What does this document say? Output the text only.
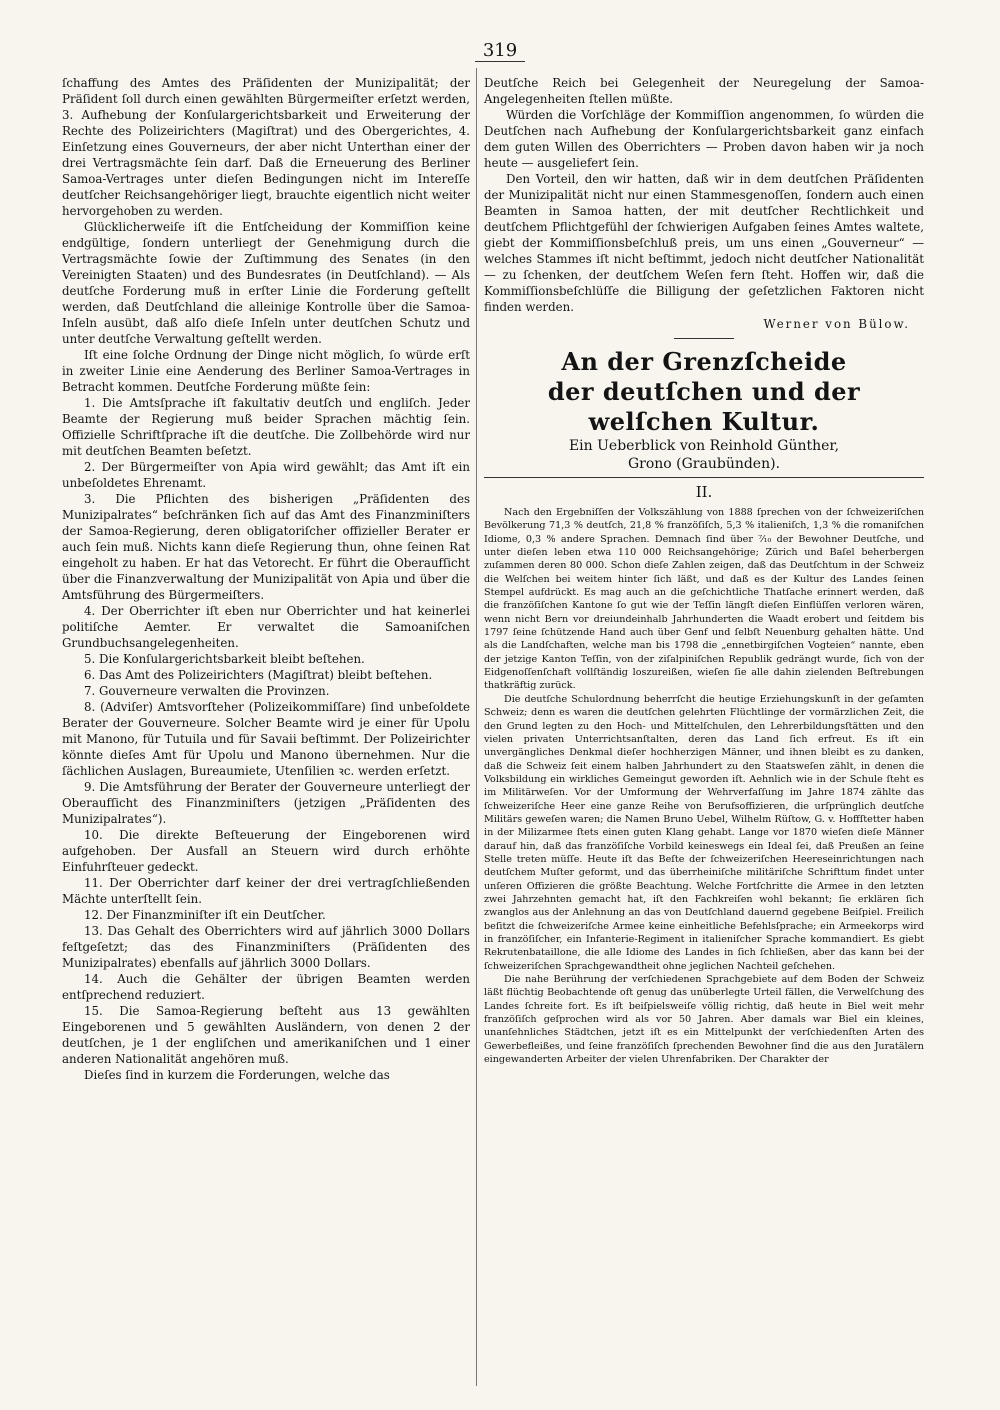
319

ſchaffung des Amtes des Präſidenten der Munizipalität; der Präſident ſoll durch einen gewählten Bürgermeiſter erſetzt werden, 3. Aufhebung der Konſulargerichtsbarkeit und Erweiterung der Rechte des Polizeirichters (Magiſtrat) und des Obergerichtes, 4. Einſetzung eines Gouverneurs, der aber nicht Unterthan einer der drei Vertragsmächte ſein darf. Daß die Erneuerung des Berliner Samoa-Vertrages unter dieſen Bedingungen nicht im Intereſſe deutſcher Reichsangehöriger liegt, brauchte eigentlich nicht weiter hervorgehoben zu werden.

Glücklicherweiſe iſt die Entſcheidung der Kommiſſion keine endgültige, ſondern unterliegt der Genehmigung durch die Vertragsmächte ſowie der Zuſtimmung des Senates (in den Vereinigten Staaten) und des Bundesrates (in Deutſchland). — Als deutſche Forderung muß in erſter Linie die Forderung geſtellt werden, daß Deutſchland die alleinige Kontrolle über die Samoa-Inſeln ausübt, daß alſo dieſe Inſeln unter deutſchen Schutz und unter deutſche Verwaltung geſtellt werden.

Iſt eine ſolche Ordnung der Dinge nicht möglich, ſo würde erſt in zweiter Linie eine Aenderung des Berliner Samoa-Vertrages in Betracht kommen. Deutſche Forderung müßte ſein:

1. Die Amtsſprache iſt fakultativ deutſch und engliſch. Jeder Beamte der Regierung muß beider Sprachen mächtig ſein. Offizielle Schriftſprache iſt die deutſche. Die Zollbehörde wird nur mit deutſchen Beamten beſetzt.

2. Der Bürgermeiſter von Apia wird gewählt; das Amt iſt ein unbeſoldetes Ehrenamt.

3. Die Pflichten des bisherigen „Präſidenten des Munizipalrates“ beſchränken ſich auf das Amt des Finanzminiſters der Samoa-Regierung, deren obligatoriſcher offizieller Berater er auch ſein muß. Nichts kann dieſe Regierung thun, ohne ſeinen Rat eingeholt zu haben. Er hat das Vetorecht. Er führt die Oberaufſicht über die Finanzverwaltung der Munizipalität von Apia und über die Amtsführung des Bürgermeiſters.

4. Der Oberrichter iſt eben nur Oberrichter und hat keinerlei politiſche Aemter. Er verwaltet die Samoaniſchen Grundbuchsangelegenheiten.

5. Die Konſulargerichtsbarkeit bleibt beſtehen.

6. Das Amt des Polizeirichters (Magiſtrat) bleibt beſtehen.

7. Gouverneure verwalten die Provinzen.

8. (Adviſer) Amtsvorſteher (Polizeikommiſſare) ſind unbeſoldete Berater der Gouverneure. Solcher Beamte wird je einer für Upolu mit Manono, für Tutuila und für Savaii beſtimmt. Der Polizeirichter könnte dieſes Amt für Upolu und Manono übernehmen. Nur die ſächlichen Auslagen, Bureaumiete, Utenſilien ꝛc. werden erſetzt.

9. Die Amtsführung der Berater der Gouverneure unterliegt der Oberaufſicht des Finanzminiſters (jetzigen „Präſidenten des Munizipalrates“).

10. Die direkte Beſteuerung der Eingeborenen wird aufgehoben. Der Ausfall an Steuern wird durch erhöhte Einfuhrſteuer gedeckt.

11. Der Oberrichter darf keiner der drei vertragſchließenden Mächte unterſtellt ſein.

12. Der Finanzminiſter iſt ein Deutſcher.

13. Das Gehalt des Oberrichters wird auf jährlich 3000 Dollars feſtgeſetzt; das des Finanzminiſters (Präſidenten des Munizipalrates) ebenfalls auf jährlich 3000 Dollars.

14. Auch die Gehälter der übrigen Beamten werden entſprechend reduziert.

15. Die Samoa-Regierung beſteht aus 13 gewählten Eingeborenen und 5 gewählten Ausländern, von denen 2 der deutſchen, je 1 der engliſchen und amerikaniſchen und 1 einer anderen Nationalität angehören muß.

Dieſes ſind in kurzem die Forderungen, welche das

Deutſche Reich bei Gelegenheit der Neuregelung der Samoa-Angelegenheiten ſtellen müßte.

Würden die Vorſchläge der Kommiſſion angenommen, ſo würden die Deutſchen nach Aufhebung der Konſulargerichtsbarkeit ganz einfach dem guten Willen des Oberrichters — Proben davon haben wir ja noch heute — ausgeliefert ſein.

Den Vorteil, den wir hatten, daß wir in dem deutſchen Präſidenten der Munizipalität nicht nur einen Stammesgenoſſen, ſondern auch einen Beamten in Samoa hatten, der mit deutſcher Rechtlichkeit und deutſchem Pflichtgefühl der ſchwierigen Aufgaben ſeines Amtes waltete, giebt der Kommiſſionsbeſchluß preis, um uns einen „Gouverneur“ — welches Stammes iſt nicht beſtimmt, jedoch nicht deutſcher Nationalität — zu ſchenken, der deutſchem Weſen fern ſteht. Hoffen wir, daß die Kommiſſionsbeſchlüſſe die Billigung der geſetzlichen Faktoren nicht finden werden.

Werner von Bülow.
An der Grenzſcheide
der deutſchen und der welſchen Kultur.
Ein Ueberblick von Reinhold Günther,
Grono (Graubünden).
II.

Nach den Ergebniſſen der Volkszählung von 1888 ſprechen von der ſchweizeriſchen Bevölkerung 71,3 % deutſch, 21,8 % franzöſiſch, 5,3 % italieniſch, 1,3 % die romaniſchen Idiome, 0,3 % andere Sprachen. Demnach ſind über ⁷⁄₁₀ der Bewohner Deutſche, und unter dieſen leben etwa 110 000 Reichsangehörige; Zürich und Baſel beherbergen zuſammen deren 80 000. Schon dieſe Zahlen zeigen, daß das Deutſchtum in der Schweiz die Welſchen bei weitem hinter ſich läßt, und daß es der Kultur des Landes ſeinen Stempel aufdrückt. Es mag auch an die geſchichtliche Thatſache erinnert werden, daß die franzöſiſchen Kantone ſo gut wie der Teſſin längſt dieſen Einflüſſen verloren wären, wenn nicht Bern vor dreiundeinhalb Jahrhunderten die Waadt erobert und ſeitdem bis 1797 ſeine ſchützende Hand auch über Genf und ſelbſt Neuenburg gehalten hätte. Und als die Landſchaften, welche man bis 1798 die „ennetbirgiſchen Vogteien“ nannte, eben der jetzige Kanton Teſſin, von der ziſalpiniſchen Republik gedrängt wurde, ſich von der Eidgenoſſenſchaft vollſtändig loszureißen, wieſen ſie alle dahin zielenden Beſtrebungen thatkräftig zurück.

Die deutſche Schulordnung beherrſcht die heutige Erziehungskunſt in der geſamten Schweiz; denn es waren die deutſchen gelehrten Flüchtlinge der vormärzlichen Zeit, die den Grund legten zu den Hoch- und Mittelſchulen, den Lehrerbildungsſtätten und den vielen privaten Unterrichtsanſtalten, deren das Land ſich erfreut. Es iſt ein unvergängliches Denkmal dieſer hochherzigen Männer, und ihnen bleibt es zu danken, daß die Schweiz ſeit einem halben Jahrhundert zu den Staatsweſen zählt, in denen die Volksbildung ein wirkliches Gemeingut geworden iſt. Aehnlich wie in der Schule ſteht es im Militärweſen. Vor der Umformung der Wehrverfaſſung im Jahre 1874 zählte das ſchweizeriſche Heer eine ganze Reihe von Berufsoffizieren, die urſprünglich deutſche Militärs geweſen waren; die Namen Bruno Uebel, Wilhelm Rüſtow, G. v. Hoffſtetter haben in der Milizarmee ſtets einen guten Klang gehabt. Lange vor 1870 wieſen dieſe Männer darauf hin, daß das franzöſiſche Vorbild keineswegs ein Ideal ſei, daß Preußen an ſeine Stelle treten müſſe. Heute iſt das Beſte der ſchweizeriſchen Heereseinrichtungen nach deutſchem Muſter geformt, und das überrheiniſche militäriſche Schrifttum findet unter unſeren Offizieren die größte Beachtung. Welche Fortſchritte die Armee in den letzten zwei Jahrzehnten gemacht hat, iſt den Fachkreiſen wohl bekannt; ſie erklären ſich zwanglos aus der Anlehnung an das von Deutſchland dauernd gegebene Beiſpiel. Freilich beſitzt die ſchweizeriſche Armee keine einheitliche Befehlsſprache; ein Armeekorps wird in franzöſiſcher, ein Infanterie-Regiment in italieniſcher Sprache kommandiert. Es giebt Rekrutenbataillone, die alle Idiome des Landes in ſich ſchließen, aber das kann bei der ſchweizeriſchen Sprachgewandtheit ohne jeglichen Nachteil geſchehen.

Die nahe Berührung der verſchiedenen Sprachgebiete auf dem Boden der Schweiz läßt flüchtig Beobachtende oft genug das unüberlegte Urteil fällen, die Verwelſchung des Landes ſchreite fort. Es iſt beiſpielsweiſe völlig richtig, daß heute in Biel weit mehr franzöſiſch geſprochen wird als vor 50 Jahren. Aber damals war Biel ein kleines, unanſehnliches Städtchen, jetzt iſt es ein Mittelpunkt der verſchiedenſten Arten des Gewerbefleißes, und ſeine franzöſiſch ſprechenden Bewohner ſind die aus den Juratälern eingewanderten Arbeiter der vielen Uhrenfabriken. Der Charakter der
